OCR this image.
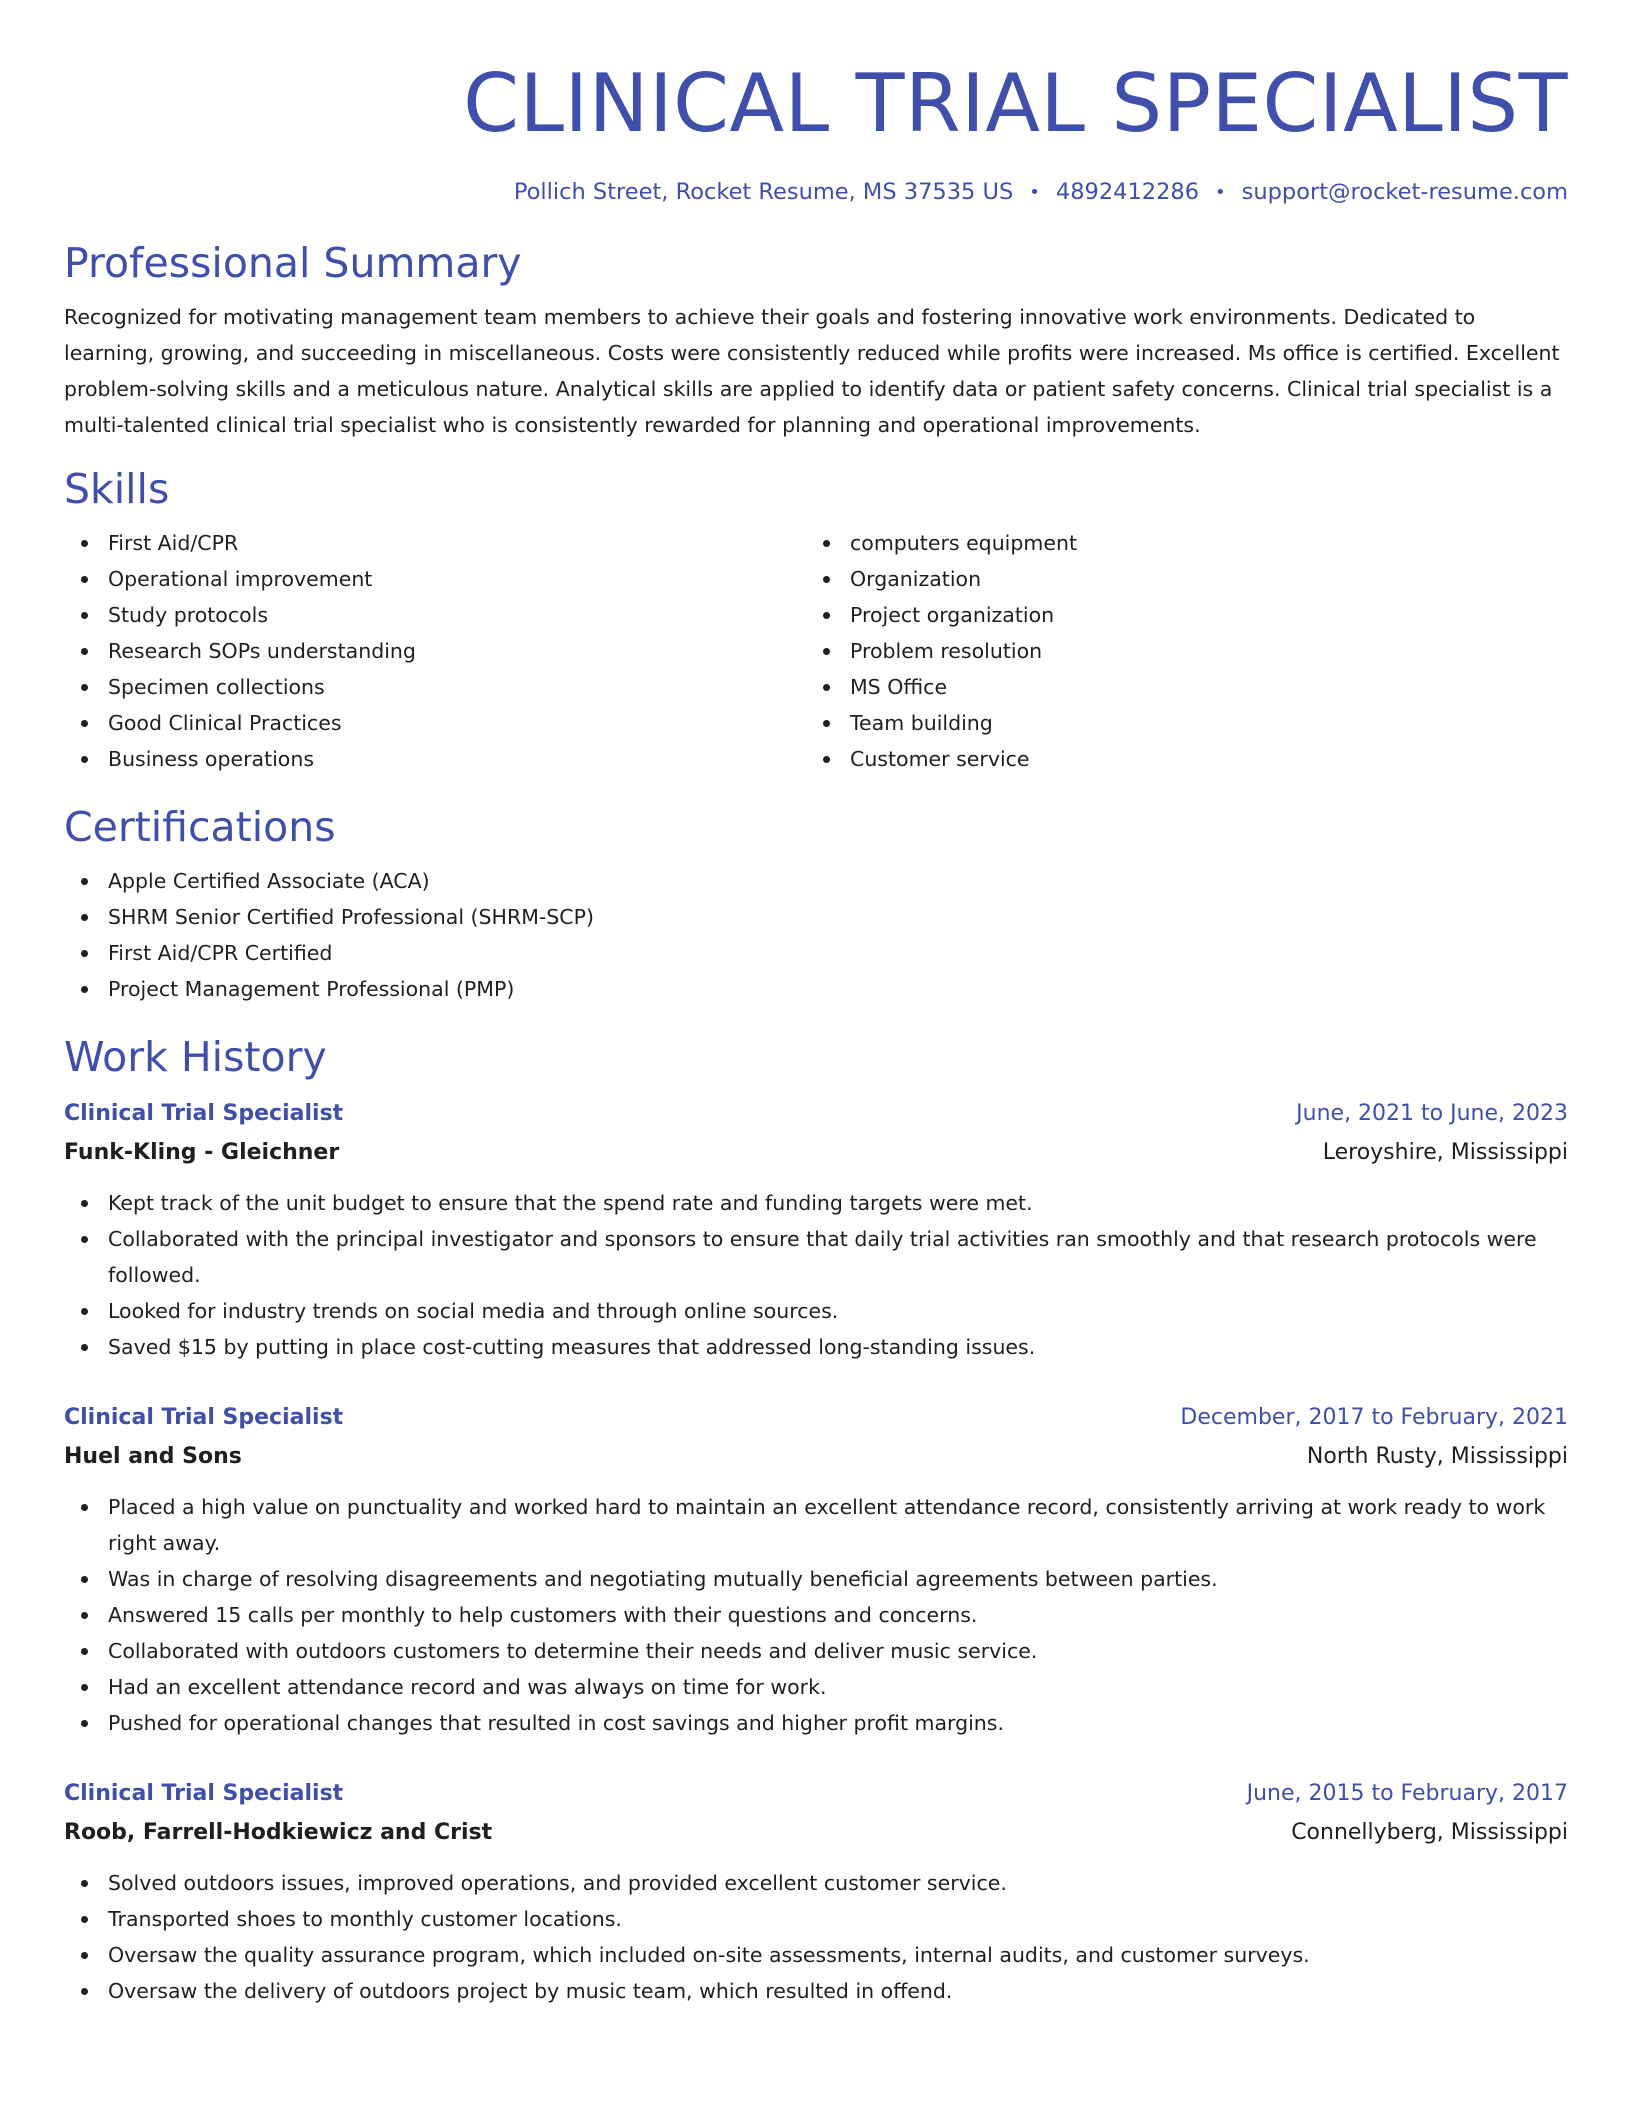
CLINICAL TRIAL SPECIALIST
Pollich Street, Rocket Resume, MS 37535 US • 4892412286 • support@rocket-resume.com
Professional Summary
Recognized for motivating management team members to achieve their goals and fostering innovative work environments. Dedicated to learning, growing, and succeeding in miscellaneous. Costs were consistently reduced while profits were increased. Ms office is certified. Excellent problem-solving skills and a meticulous nature. Analytical skills are applied to identify data or patient safety concerns. Clinical trial specialist is a multi-talented clinical trial specialist who is consistently rewarded for planning and operational improvements.
Skills
First Aid/CPR
Operational improvement
Study protocols
Research SOPs understanding
Specimen collections
Good Clinical Practices
Business operations
computers equipment
Organization
Project organization
Problem resolution
MS Office
Team building
Customer service
Certifications
Apple Certified Associate (ACA)
SHRM Senior Certified Professional (SHRM-SCP)
First Aid/CPR Certified
Project Management Professional (PMP)
Work History
Clinical Trial Specialist	June, 2021 to June, 2023
Funk-Kling - Gleichner	Leroyshire, Mississippi
Kept track of the unit budget to ensure that the spend rate and funding targets were met.
Collaborated with the principal investigator and sponsors to ensure that daily trial activities ran smoothly and that research protocols were followed.
Looked for industry trends on social media and through online sources.
Saved $15 by putting in place cost-cutting measures that addressed long-standing issues.
Clinical Trial Specialist	December, 2017 to February, 2021
Huel and Sons	North Rusty, Mississippi
Placed a high value on punctuality and worked hard to maintain an excellent attendance record, consistently arriving at work ready to work right away.
Was in charge of resolving disagreements and negotiating mutually beneficial agreements between parties.
Answered 15 calls per monthly to help customers with their questions and concerns.
Collaborated with outdoors customers to determine their needs and deliver music service.
Had an excellent attendance record and was always on time for work.
Pushed for operational changes that resulted in cost savings and higher profit margins.
Clinical Trial Specialist	June, 2015 to February, 2017
Roob, Farrell-Hodkiewicz and Crist	Connellyberg, Mississippi
Solved outdoors issues, improved operations, and provided excellent customer service.
Transported shoes to monthly customer locations.
Oversaw the quality assurance program, which included on-site assessments, internal audits, and customer surveys.
Oversaw the delivery of outdoors project by music team, which resulted in offend.
